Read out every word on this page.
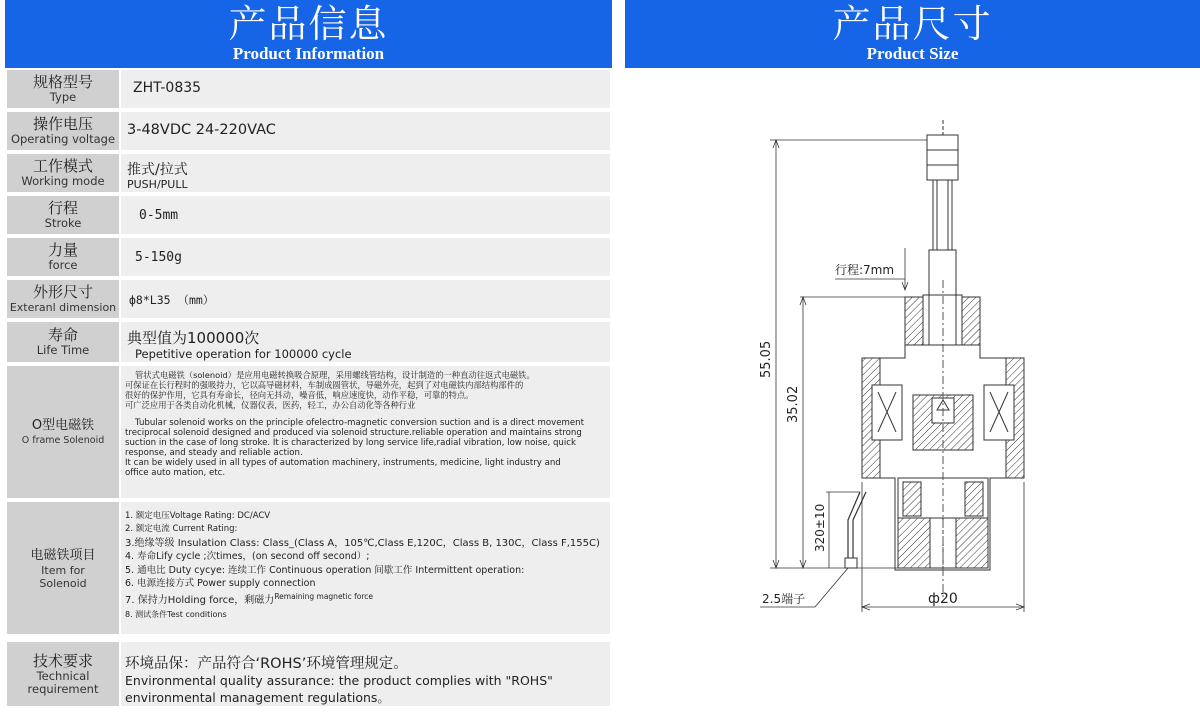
产品信息
Product Information
产品尺寸
Product Size
规格型号
Type
ZHT-0835
操作电压
Operating voltage
3-48VDC 24-220VAC
工作模式
Working mode
推式/拉式
PUSH/PULL
行程
Stroke	0-5mm
力量
force	5-150g
外形尺寸
Exteranl dimension
ф8*L35 （mm）
寿命
Life Time
典型值为100000次
Pepetitive operation for 100000 cycle
O型电磁铁
O frame Solenoid
管状式电磁铁（solenoid）是应用电磁转换吸合原理，采用螺线管结构，设计制造的一种直动往返式电磁铁。
可保证在长行程时的强吸持力，它以高导磁材料，车制成圆管状，导磁外壳，起到了对电磁铁内部结构部件的
很好的保护作用，它具有寿命长，径向无抖动，噪音低，响应速度快，动作平稳，可靠的特点。
可广泛应用于各类自动化机械，仪器仪表，医药，轻工，办公自动化等各种行业
Tubular solenoid works on the principle ofelectro-magnetic conversion suction and is a direct movement
treciprocal solenoid designed and produced via solenoid structure.reliable operation and maintains strong
suction in the case of long stroke. It is characterized by long service life,radial vibration, low noise, quick
response, and steady and reliable action.
It can be widely used in all types of automation machinery, instruments, medicine, light industry and
office auto mation, etc.
电磁铁项目
Item for
Solenoid
1. 额定电压Voltage Rating: DC/ACV
2. 额定电流 Current Rating:
3.绝缘等级 Insulation Class: Class_(Class A，105℃,Class E,120C，Class B, 130C，Class F,155C)
4. 寿命Lify cycle ;次times，(on second off second）;
5. 通电比 Duty cycye: 连续工作 Continuous operation 间歇工作 Intermittent operation:
6. 电源连接方式 Power supply connection
7. 保持力Holding force，剩磁力$^{Remaining magnetic force}$
8. 测试条件Test conditions
技术要求
Technical
requirement
环境品保：产品符合‘ROHS’环境管理规定。
Environmental quality assurance: the product complies with "ROHS"
environmental management regulations。
行程:7mm
55.05
35.02
320±10
ф20
2.5端子
